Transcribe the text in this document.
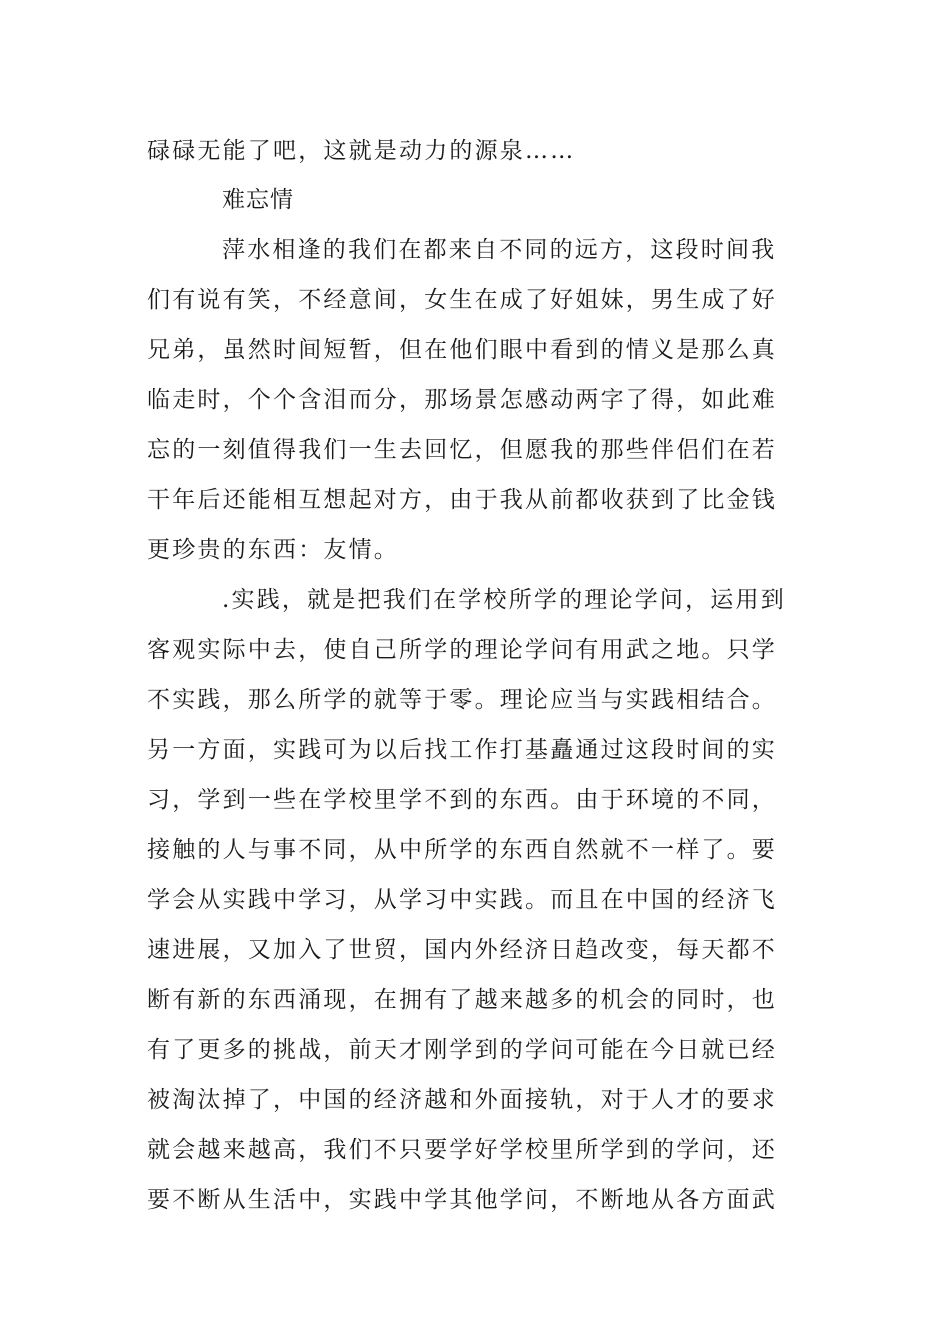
碌碌无能了吧，这就是动力的源泉……
难忘情
萍水相逢的我们在都来自不同的远方，这段时间我
们有说有笑，不经意间，女生在成了好姐妹，男生成了好
兄弟，虽然时间短暂，但在他们眼中看到的情义是那么真
临走时，个个含泪而分，那场景怎感动两字了得，如此难
忘的一刻值得我们一生去回忆，但愿我的那些伴侣们在若
干年后还能相互想起对方，由于我从前都收获到了比金钱
更珍贵的东西：友情。
.实践，就是把我们在学校所学的理论学问，运用到
客观实际中去，使自己所学的理论学问有用武之地。只学
不实践，那么所学的就等于零。理论应当与实践相结合。
另一方面，实践可为以后找工作打基矗通过这段时间的实
习，学到一些在学校里学不到的东西。由于环境的不同，
接触的人与事不同，从中所学的东西自然就不一样了。要
学会从实践中学习，从学习中实践。而且在中国的经济飞
速进展，又加入了世贸，国内外经济日趋改变，每天都不
断有新的东西涌现，在拥有了越来越多的机会的同时，也
有了更多的挑战，前天才刚学到的学问可能在今日就已经
被淘汰掉了，中国的经济越和外面接轨，对于人才的要求
就会越来越高，我们不只要学好学校里所学到的学问，还
要不断从生活中，实践中学其他学问，不断地从各方面武
